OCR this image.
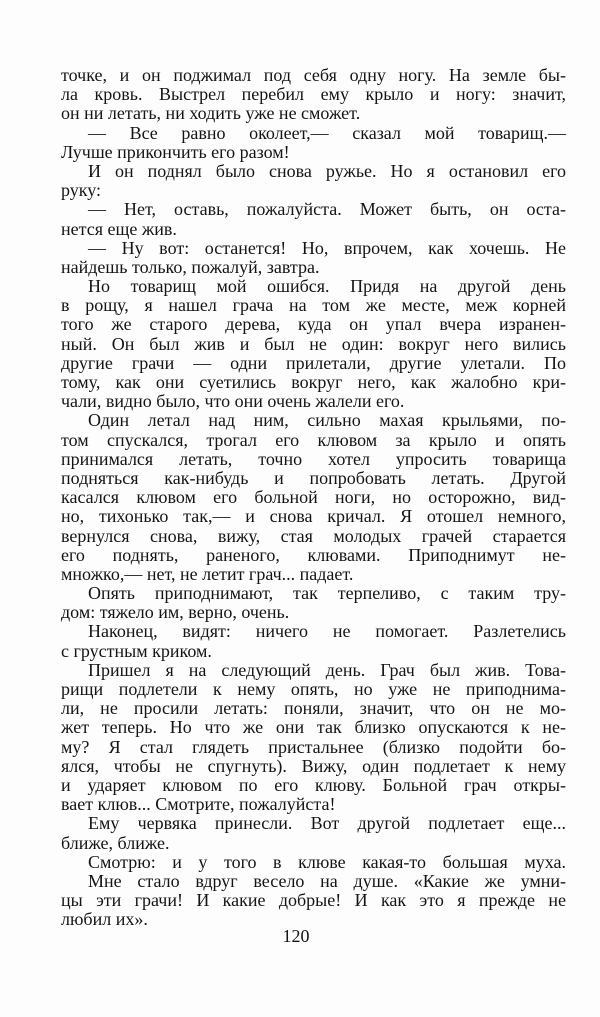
точке, и он поджимал под себя одну ногу. На земле бы-
ла кровь. Выстрел перебил ему крыло и ногу: значит,
он ни летать, ни ходить уже не сможет.
— Все равно околеет,— сказал мой товарищ.—
Лучше прикончить его разом!
И он поднял было снова ружье. Но я остановил его
руку:
— Нет, оставь, пожалуйста. Может быть, он оста-
нется еще жив.
— Ну вот: останется! Но, впрочем, как хочешь. Не
найдешь только, пожалуй, завтра.
Но товарищ мой ошибся. Придя на другой день
в рощу, я нашел грача на том же месте, меж корней
того же старого дерева, куда он упал вчера изранен-
ный. Он был жив и был не один: вокруг него вились
другие грачи — одни прилетали, другие улетали. По
тому, как они суетились вокруг него, как жалобно кри-
чали, видно было, что они очень жалели его.
Один летал над ним, сильно махая крыльями, по-
том спускался, трогал его клювом за крыло и опять
принимался летать, точно хотел упросить товарища
подняться как-нибудь и попробовать летать. Другой
касался клювом его больной ноги, но осторожно, вид-
но, тихонько так,— и снова кричал. Я отошел немного,
вернулся снова, вижу, стая молодых грачей старается
его поднять, раненого, клювами. Приподнимут не-
множко,— нет, не летит грач... падает.
Опять приподнимают, так терпеливо, с таким тру-
дом: тяжело им, верно, очень.
Наконец, видят: ничего не помогает. Разлетелись
с грустным криком.
Пришел я на следующий день. Грач был жив. Това-
рищи подлетели к нему опять, но уже не приподнима-
ли, не просили летать: поняли, значит, что он не мо-
жет теперь. Но что же они так близко опускаются к не-
му? Я стал глядеть пристальнее (близко подойти бо-
ялся, чтобы не спугнуть). Вижу, один подлетает к нему
и ударяет клювом по его клюву. Больной грач откры-
вает клюв... Смотрите, пожалуйста!
Ему червяка принесли. Вот другой подлетает еще...
ближе, ближе.
Смотрю: и у того в клюве какая-то большая муха.
Мне стало вдруг весело на душе. «Какие же умни-
цы эти грачи! И какие добрые! И как это я прежде не
любил их».
120
